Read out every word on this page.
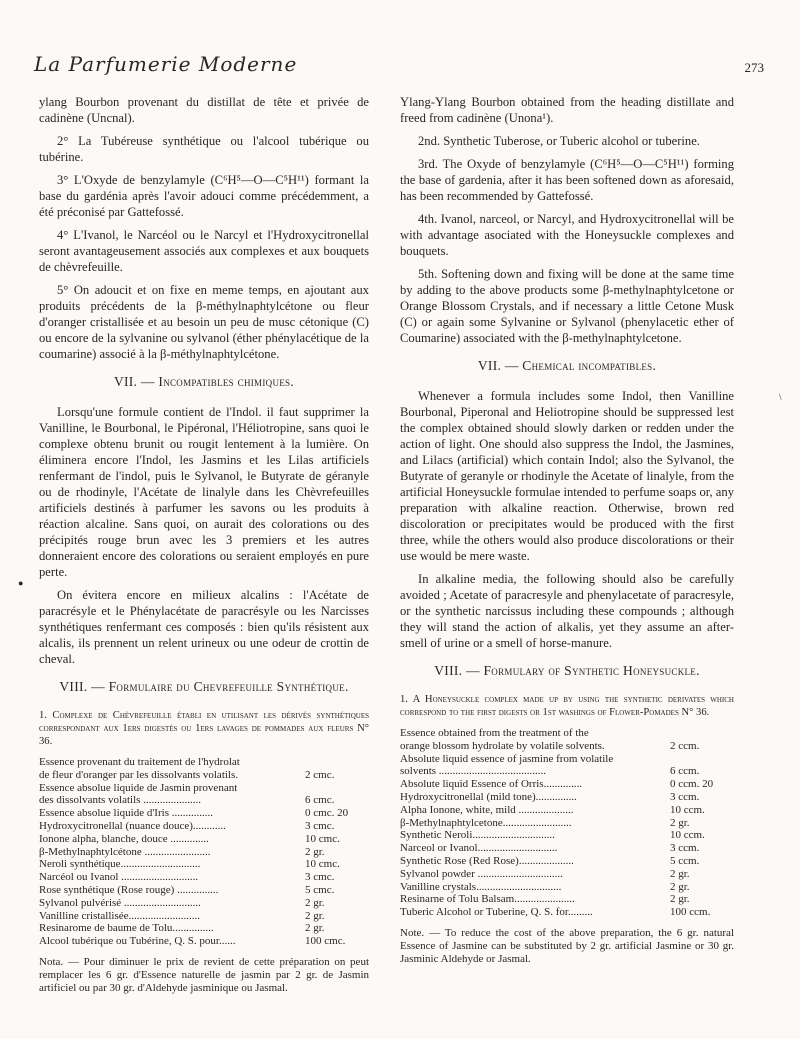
La Parfumerie Moderne	273
●
\

ylang Bourbon provenant du distillat de tête et privée de cadinène (Uncnal).

2° La Tubéreuse synthétique ou l'alcool tubérique ou tubérine.

3° L'Oxyde de benzylamyle (C⁶H⁵—O—C⁵H¹¹) formant la base du gardénia après l'avoir adouci comme précédemment, a été préconisé par Gattefossé.

4° L'Ivanol, le Narcéol ou le Narcyl et l'Hydroxycitronellal seront avantageusement associés aux complexes et aux bouquets de chèvrefeuille.

5° On adoucit et on fixe en meme temps, en ajoutant aux produits précédents de la β-méthylnaphtylcétone ou fleur d'oranger cristallisée et au besoin un peu de musc cétonique (C) ou encore de la sylvanine ou sylvanol (éther phénylacétique de la coumarine) associé à la β-méthylnaphtylcétone.

VII. — Incompatibles chimiques.

Lorsqu'une formule contient de l'Indol. il faut supprimer la Vanilline, le Bourbonal, le Pipéronal, l'Héliotropine, sans quoi le complexe obtenu brunit ou rougit lentement à la lumière. On éliminera encore l'Indol, les Jasmins et les Lilas artificiels renfermant de l'indol, puis le Sylvanol, le Butyrate de géranyle ou de rhodinyle, l'Acétate de linalyle dans les Chèvrefeuilles artificiels destinés à parfumer les savons ou les produits à réaction alcaline. Sans quoi, on aurait des colorations ou des précipités rouge brun avec les 3 premiers et les autres donneraient encore des colorations ou seraient employés en pure perte.

On évitera encore en milieux alcalins : l'Acétate de paracrésyle et le Phénylacétate de paracrésyle ou les Narcisses synthétiques renfermant ces composés : bien qu'ils résistent aux alcalis, ils prennent un relent urineux ou une odeur de crottin de cheval.

VIII. — Formulaire du Chevrefeuille Synthétique.
1. Complexe de Chèvrefeuille établi en utilisant les dérivés synthétiques correspondant aux 1ers digestés ou 1ers lavages de pommades aux fleurs N° 36.
Essence provenant du traitement de l'hydrolat
de fleur d'oranger par les dissolvants volatils.	2 cmc.
Essence absolue liquide de Jasmin provenant
des dissolvants volatils .....................	6 cmc.
Essence absolue liquide d'Iris ...............	0 cmc. 20
Hydroxycitronellal (nuance douce)............	3 cmc.
Ionone alpha, blanche, douce ..............	10 cmc.
β-Methylnaphtylcétone ........................	2 gr.
Neroli synthétique.............................	10 cmc.
Narcéol ou Ivanol ............................	3 cmc.
Rose synthétique (Rose rouge) ...............	5 cmc.
Sylvanol pulvérisé ............................	2 gr.
Vanilline cristallisée..........................	2 gr.
Resinarome de baume de Tolu...............	2 gr.
Alcool tubérique ou Tubérine, Q. S. pour......	100 cmc.
Nota. — Pour diminuer le prix de revient de cette préparation on peut remplacer les 6 gr. d'Essence naturelle de jasmin par 2 gr. de Jasmin artificiel ou par 30 gr. d'Aldehyde jasminique ou Jasmal.

Ylang-Ylang Bourbon obtained from the heading distillate and freed from cadinène (Unona¹).

2nd. Synthetic Tuberose, or Tuberic alcohol or tuberine.

3rd. The Oxyde of benzylamyle (C⁶H⁵—O—C⁵H¹¹) forming the base of gardenia, after it has been softened down as aforesaid, has been recommended by Gattefossé.

4th. Ivanol, narceol, or Narcyl, and Hydroxycitronellal will be with advantage asociated with the Honeysuckle complexes and bouquets.

5th. Softening down and fixing will be done at the same time by adding to the above products some β-methylnaphtylcetone or Orange Blossom Crystals, and if necessary a little Cetone Musk (C) or again some Sylvanine or Sylvanol (phenylacetic ether of Coumarine) associated with the β-methylnaphtylcetone.

VII. — Chemical incompatibles.

Whenever a formula includes some Indol, then Vanilline Bourbonal, Piperonal and Heliotropine should be suppressed lest the complex obtained should slowly darken or redden under the action of light. One should also suppress the Indol, the Jasmines, and Lilacs (artificial) which contain Indol; also the Sylvanol, the Butyrate of geranyle or rhodinyle the Acetate of linalyle, from the artificial Honeysuckle formulae intended to perfume soaps or, any preparation with alkaline reaction. Otherwise, brown red discoloration or precipitates would be produced with the first three, while the others would also produce discolorations or their use would be mere waste.

In alkaline media, the following should also be carefully avoided ; Acetate of paracresyle and phenylacetate of paracresyle, or the synthetic narcissus including these compounds ; although they will stand the action of alkalis, yet they assume an after-smell of urine or a smell of horse-manure.

VIII. — Formulary of Synthetic Honeysuckle.
1. A Honeysuckle complex made up by using the synthetic derivates which correspond to the first digests or 1st washings of Flower-Pomades N° 36.
Essence obtained from the treatment of the
orange blossom hydrolate by volatile solvents.	2 ccm.
Absolute liquid essence of jasmine from volatile
solvents .......................................	6 ccm.
Absolute liquid Essence of Orris..............	0 ccm. 20
Hydroxycitronellal (mild tone)...............	3 ccm.
Alpha Ionone, white, mild ....................	10 ccm.
β-Methylnaphtylcetone.........................	2 gr.
Synthetic Neroli..............................	10 ccm.
Narceol or Ivanol.............................	3 ccm.
Synthetic Rose (Red Rose)....................	5 ccm.
Sylvanol powder ...............................	2 gr.
Vanilline crystals...............................	2 gr.
Resinarne of Tolu Balsam......................	2 gr.
Tuberic Alcohol or Tuberine, Q. S. for.........	100 ccm.
Note. — To reduce the cost of the above preparation, the 6 gr. natural Essence of Jasmine can be substituted by 2 gr. artificial Jasmine or 30 gr. Jasminic Aldehyde or Jasmal.
